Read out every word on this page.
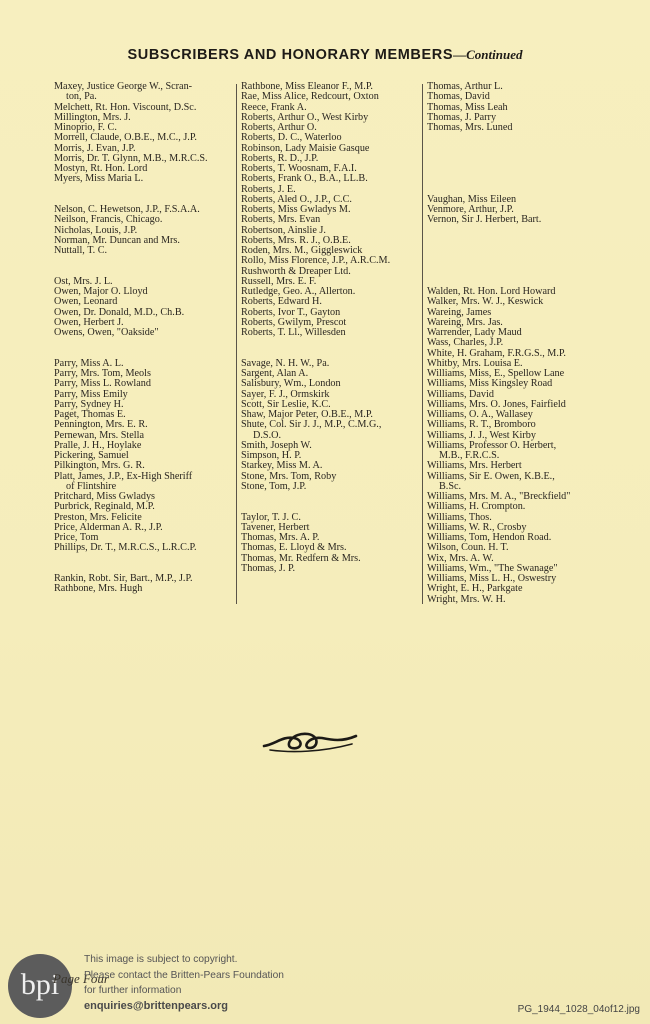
SUBSCRIBERS AND HONORARY MEMBERS—Continued
Maxey, Justice George W., Scran-
ton, Pa.
Melchett, Rt. Hon. Viscount, D.Sc.
Millington, Mrs. J.
Minoprio, F. C.
Morrell, Claude, O.B.E., M.C., J.P.
Morris, J. Evan, J.P.
Morris, Dr. T. Glynn, M.B., M.R.C.S.
Mostyn, Rt. Hon. Lord
Myers, Miss Maria L.
Nelson, C. Hewetson, J.P., F.S.A.A.
Neilson, Francis, Chicago.
Nicholas, Louis, J.P.
Norman, Mr. Duncan and Mrs.
Nuttall, T. C.
Ost, Mrs. J. L.
Owen, Major O. Lloyd
Owen, Leonard
Owen, Dr. Donald, M.D., Ch.B.
Owen, Herbert J.
Owens, Owen, "Oakside"
Parry, Miss A. L.
Parry, Mrs. Tom, Meols
Parry, Miss L. Rowland
Parry, Miss Emily
Parry, Sydney H.
Paget, Thomas E.
Pennington, Mrs. E. R.
Pernewan, Mrs. Stella
Pralle, J. H., Hoylake
Pickering, Samuel
Pilkington, Mrs. G. R.
Platt, James, J.P., Ex-High Sheriff
of Flintshire
Pritchard, Miss Gwladys
Purbrick, Reginald, M.P.
Preston, Mrs. Felicite
Price, Alderman A. R., J.P.
Price, Tom
Phillips, Dr. T., M.R.C.S., L.R.C.P.
Rankin, Robt. Sir, Bart., M.P., J.P.
Rathbone, Mrs. Hugh
Rathbone, Miss Eleanor F., M.P.
Rae, Miss Alice, Redcourt, Oxton
Reece, Frank A.
Roberts, Arthur O., West Kirby
Roberts, Arthur O.
Roberts, D. C., Waterloo
Robinson, Lady Maisie Gasque
Roberts, R. D., J.P.
Roberts, T. Woosnam, F.A.I.
Roberts, Frank O., B.A., LL.B.
Roberts, J. E.
Roberts, Aled O., J.P., C.C.
Roberts, Miss Gwladys M.
Roberts, Mrs. Evan
Robertson, Ainslie J.
Roberts, Mrs. R. J., O.B.E.
Roden, Mrs. M., Giggleswick
Rollo, Miss Florence, J.P., A.R.C.M.
Rushworth & Dreaper Ltd.
Russell, Mrs. E. F.
Rutledge, Geo. A., Allerton.
Roberts, Edward H.
Roberts, Ivor T., Gayton
Roberts, Gwilym, Prescot
Roberts, T. Ll., Willesden
Savage, N. H. W., Pa.
Sargent, Alan A.
Salisbury, Wm., London
Sayer, F. J., Ormskirk
Scott, Sir Leslie, K.C.
Shaw, Major Peter, O.B.E., M.P.
Shute, Col. Sir J. J., M.P., C.M.G.,
D.S.O.
Smith, Joseph W.
Simpson, H. P.
Starkey, Miss M. A.
Stone, Mrs. Tom, Roby
Stone, Tom, J.P.
Taylor, T. J. C.
Tavener, Herbert
Thomas, Mrs. A. P.
Thomas, E. Lloyd & Mrs.
Thomas, Mr. Redfern & Mrs.
Thomas, J. P.
Thomas, Arthur L.
Thomas, David
Thomas, Miss Leah
Thomas, J. Parry
Thomas, Mrs. Luned
Vaughan, Miss Eileen
Venmore, Arthur, J.P.
Vernon, Sir J. Herbert, Bart.
Walden, Rt. Hon. Lord Howard
Walker, Mrs. W. J., Keswick
Wareing, James
Wareing, Mrs. Jas.
Warrender, Lady Maud
Wass, Charles, J.P.
White, H. Graham, F.R.G.S., M.P.
Whitby, Mrs. Louisa E.
Williams, Miss, E., Spellow Lane
Williams, Miss Kingsley Road
Williams, David
Williams, Mrs. O. Jones, Fairfield
Williams, O. A., Wallasey
Williams, R. T., Bromboro
Williams, J. J., West Kirby
Williams, Professor O. Herbert,
M.B., F.R.C.S.
Williams, Mrs. Herbert
Williams, Sir E. Owen, K.B.E.,
B.Sc.
Williams, Mrs. M. A., "Breckfield"
Williams, H. Crompton.
Williams, Thos.
Williams, W. R., Crosby
Williams, Tom, Hendon Road.
Wilson, Coun. H. T.
Wix, Mrs. A. W.
Williams, Wm., "The Swanage"
Williams, Miss L. H., Oswestry
Wright, E. H., Parkgate
Wright, Mrs. W. H.
bpi
Page Four
This image is subject to copyright.
Please contact the Britten-Pears Foundation
for further information
enquiries@brittenpears.org	PG_1944_1028_04of12.jpg
